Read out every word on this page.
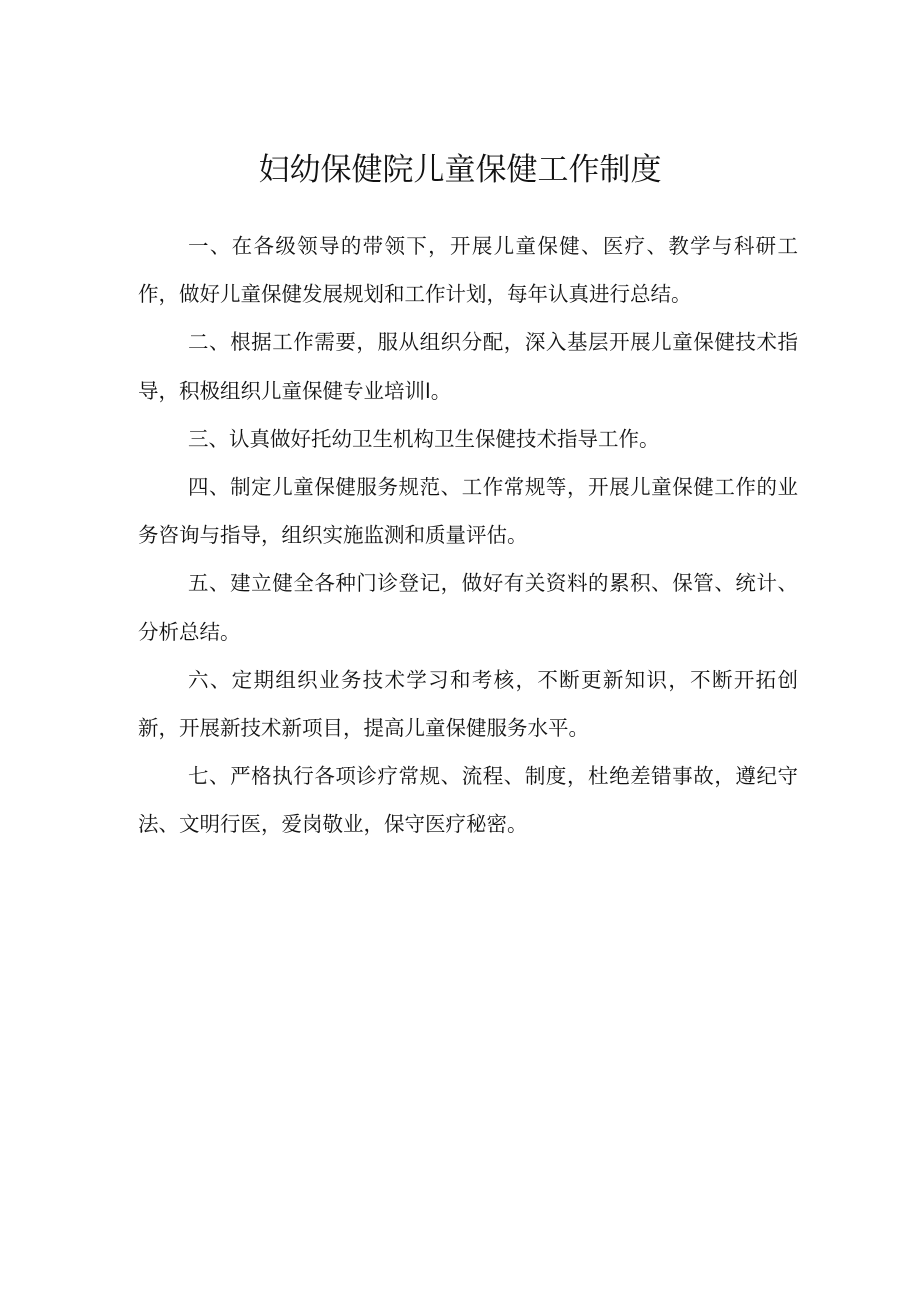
妇幼保健院儿童保健工作制度

一、在各级领导的带领下，开展儿童保健、医疗、教学与科研工作，做好儿童保健发展规划和工作计划，每年认真进行总结。

二、根据工作需要，服从组织分配，深入基层开展儿童保健技术指导，积极组织儿童保健专业培训l。

三、认真做好托幼卫生机构卫生保健技术指导工作。

四、制定儿童保健服务规范、工作常规等，开展儿童保健工作的业务咨询与指导，组织实施监测和质量评估。

五、建立健全各种门诊登记，做好有关资料的累积、保管、统计、分析总结。

六、定期组织业务技术学习和考核，不断更新知识，不断开拓创新，开展新技术新项目，提高儿童保健服务水平。

七、严格执行各项诊疗常规、流程、制度，杜绝差错事故，遵纪守法、文明行医，爱岗敬业，保守医疗秘密。
